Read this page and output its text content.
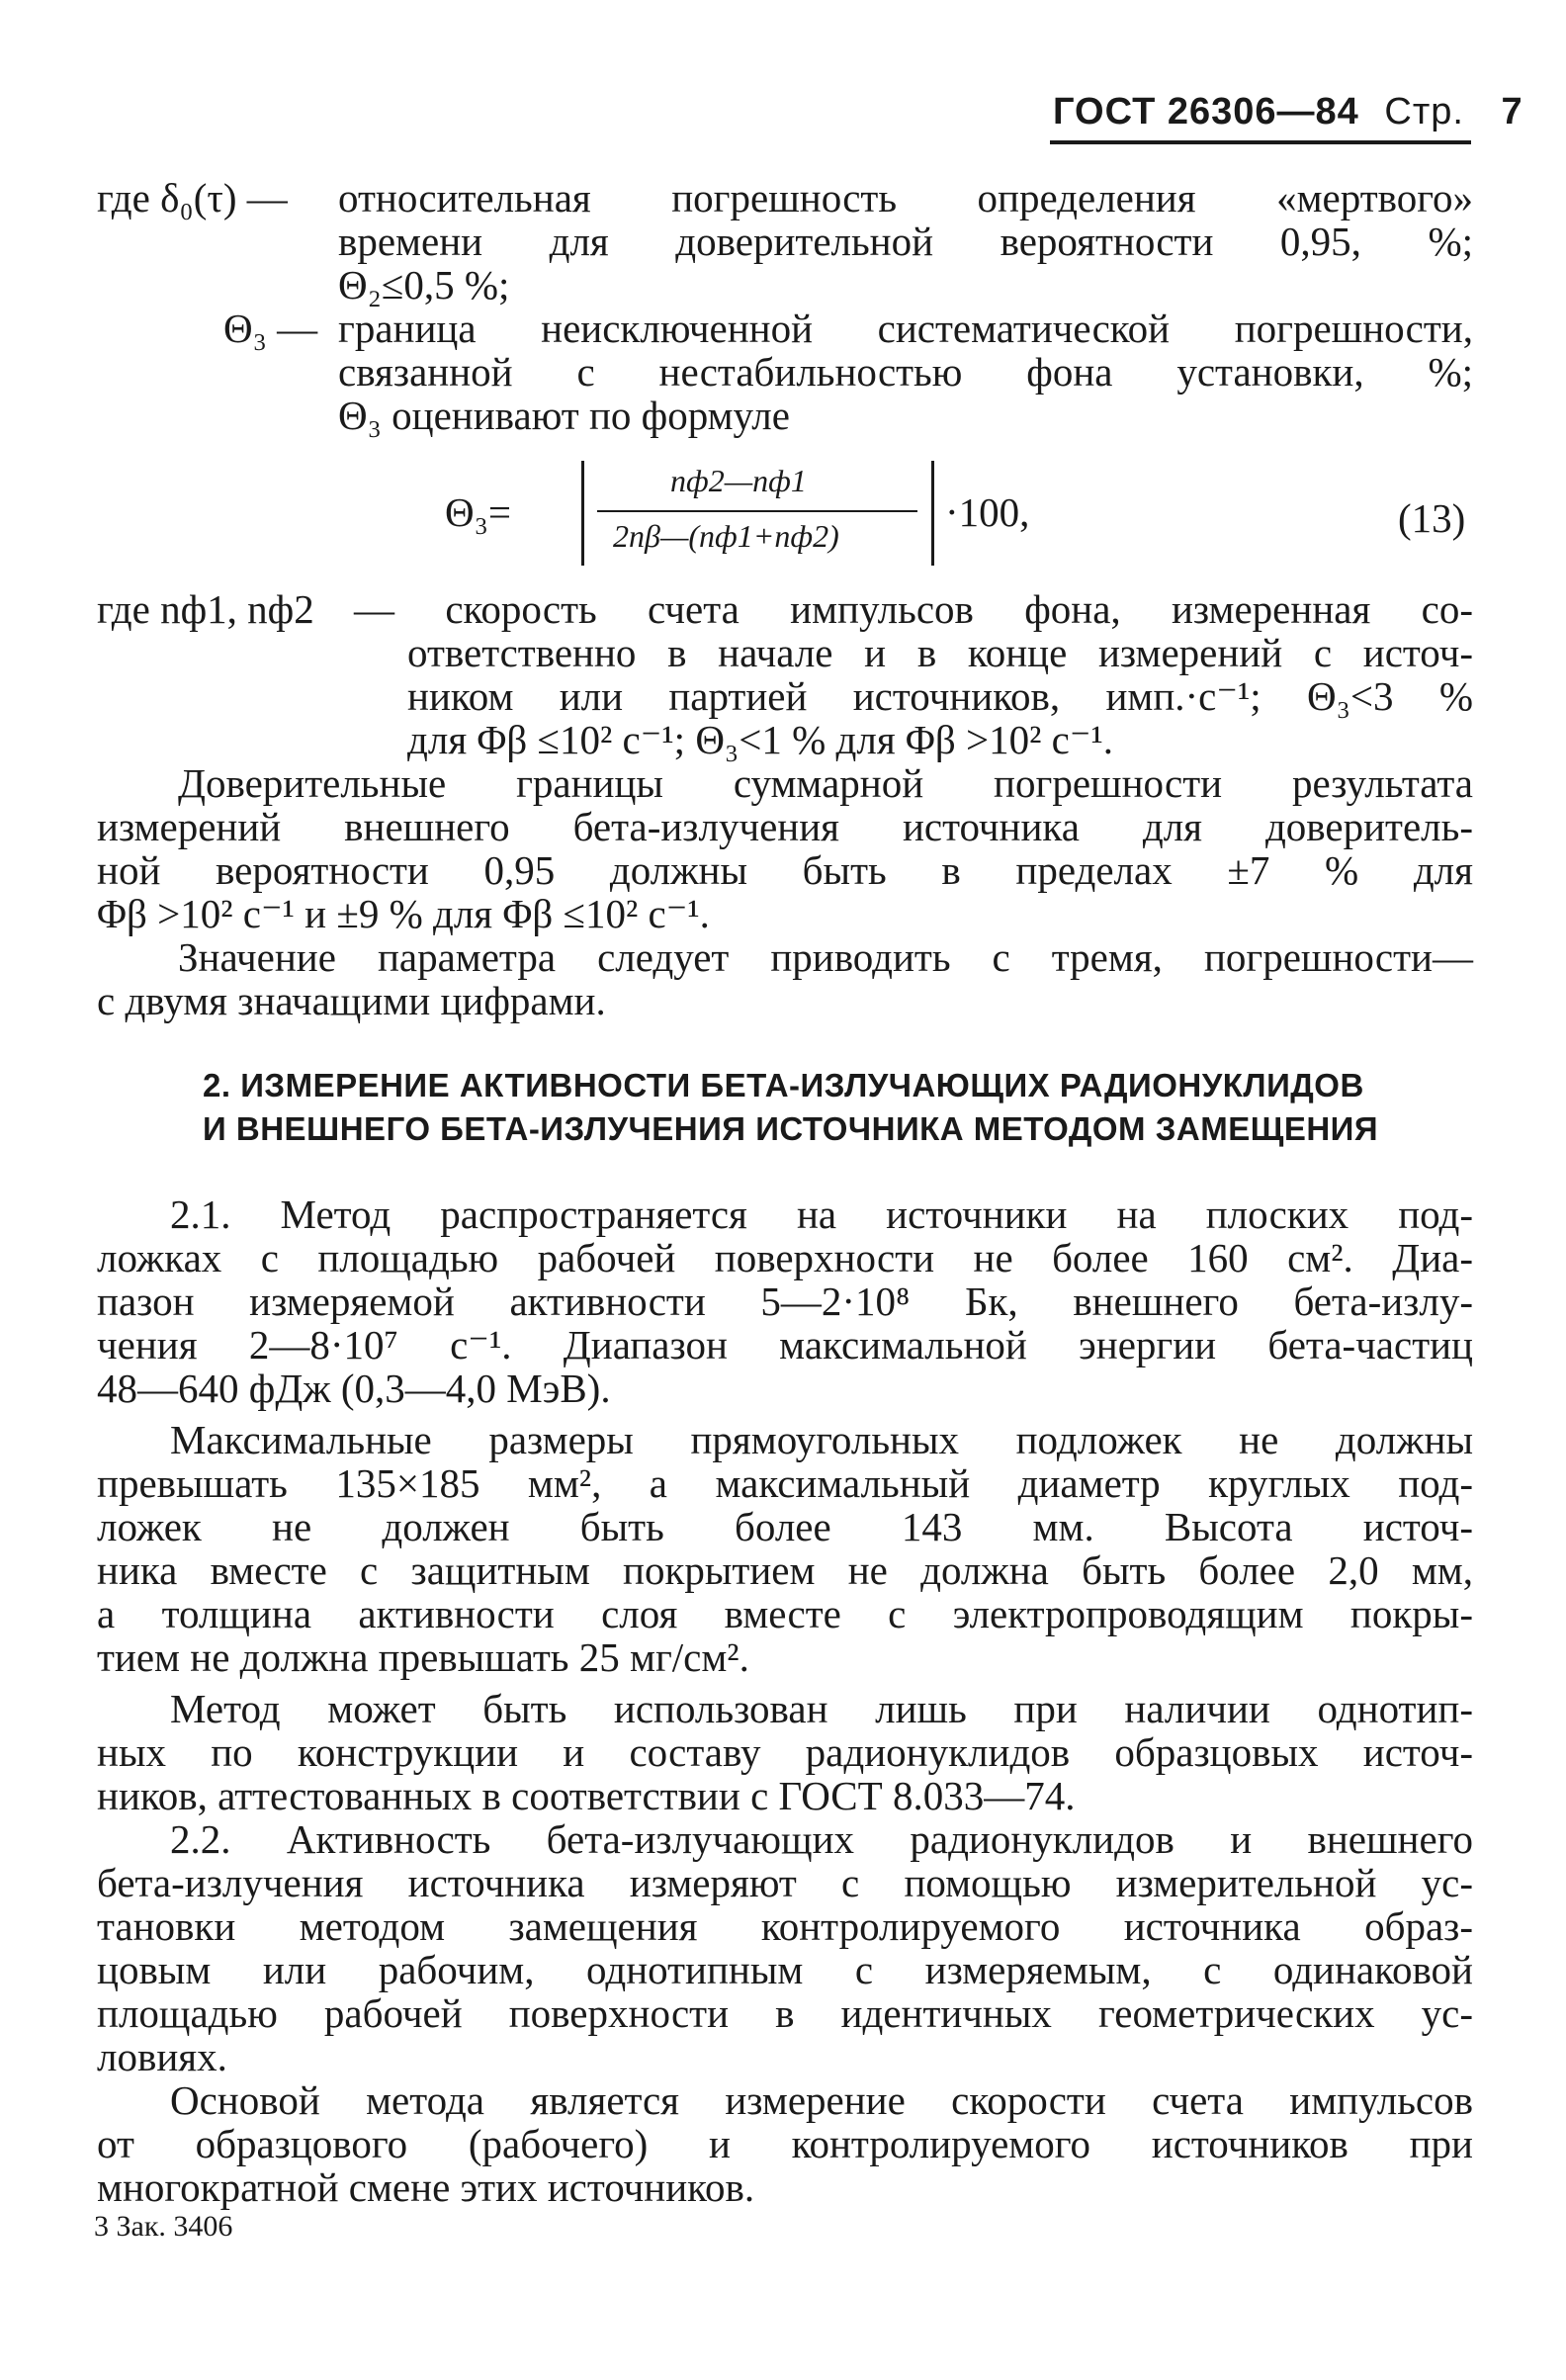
ГОСТ 26306—84 Стр. 7
где δ₀(τ) — относительная погрешность определения «мертвого»
времени для доверительной вероятности 0,95, %;
Θ₂≤0,5 %;
Θ₃ — граница неисключенной систематической погрешности,
связанной с нестабильностью фона установки, %;
Θ₃ оценивают по формуле
Θ₃=
nф2—nф1
2nβ—(nф1+nф2)
·100,	(13)
где nф1, nф2 — скорость счета импульсов фона, измеренная со-
ответственно в начале и в конце измерений с источ-
ником или партией источников, имп.·с⁻¹; Θ₃<3 %
для Φβ ≤10² с⁻¹; Θ₃<1 % для Φβ >10² с⁻¹.
Доверительные границы суммарной погрешности результата
измерений внешнего бета-излучения источника для доверитель-
ной вероятности 0,95 должны быть в пределах ±7 % для
Φβ >10² с⁻¹ и ±9 % для Φβ ≤10² с⁻¹.
Значение параметра следует приводить с тремя, погрешности—
с двумя значащими цифрами.
2. ИЗМЕРЕНИЕ АКТИВНОСТИ БЕТА-ИЗЛУЧАЮЩИХ РАДИОНУКЛИДОВ
И ВНЕШНЕГО БЕТА-ИЗЛУЧЕНИЯ ИСТОЧНИКА МЕТОДОМ ЗАМЕЩЕНИЯ
2.1. Метод распространяется на источники на плоских под-
ложках с площадью рабочей поверхности не более 160 см². Диа-
пазон измеряемой активности 5—2·10⁸ Бк, внешнего бета-излу-
чения 2—8·10⁷ с⁻¹. Диапазон максимальной энергии бета-частиц
48—640 фДж (0,3—4,0 МэВ).
Максимальные размеры прямоугольных подложек не должны
превышать 135×185 мм², а максимальный диаметр круглых под-
ложек не должен быть более 143 мм. Высота источ-
ника вместе с защитным покрытием не должна быть более 2,0 мм,
а толщина активности слоя вместе с электропроводящим покры-
тием не должна превышать 25 мг/см².
Метод может быть использован лишь при наличии однотип-
ных по конструкции и составу радионуклидов образцовых источ-
ников, аттестованных в соответствии с ГОСТ 8.033—74.
2.2. Активность бета-излучающих радионуклидов и внешнего
бета-излучения источника измеряют с помощью измерительной ус-
тановки методом замещения контролируемого источника образ-
цовым или рабочим, однотипным с измеряемым, с одинаковой
площадью рабочей поверхности в идентичных геометрических ус-
ловиях.
Основой метода является измерение скорости счета импульсов
от образцового (рабочего) и контролируемого источников при
многократной смене этих источников.
3 Зак. 3406
